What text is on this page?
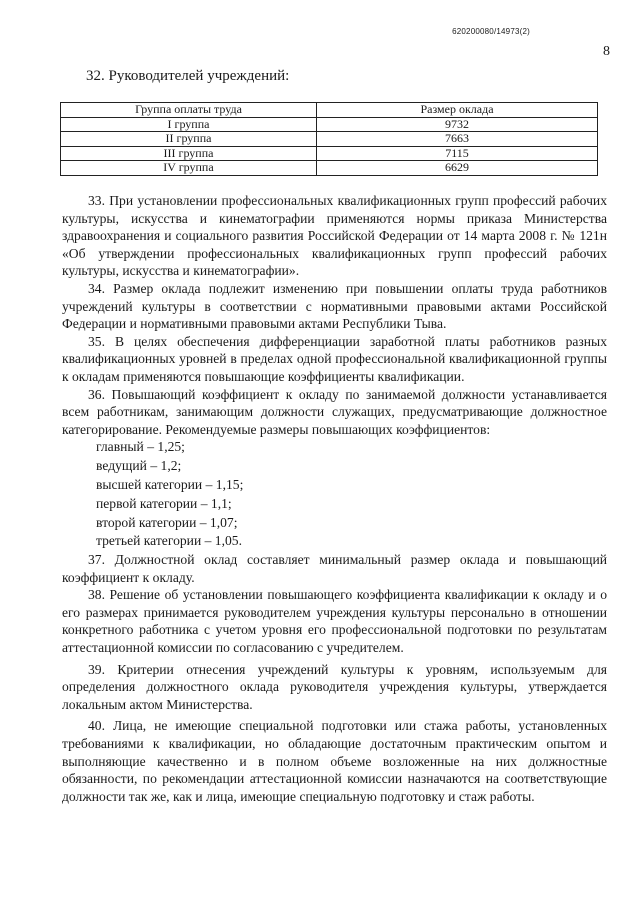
620200080/14973(2)
8
32. Руководителей учреждений:
Группа оплаты труда	Размер оклада
I группа	9732
II группа	7663
III группа	7115
IV группа	6629

33. При установлении профессиональных квалификационных групп профессий рабочих культуры, искусства и кинематографии применяются нормы приказа Министерства здравоохранения и социального развития Российской Федерации от 14 марта 2008 г. № 121н «Об утверждении профессиональных квалификационных групп профессий рабочих культуры, искусства и кинематографии».

34. Размер оклада подлежит изменению при повышении оплаты труда работников учреждений культуры в соответствии с нормативными правовыми актами Российской Федерации и нормативными правовыми актами Республики Тыва.

35. В целях обеспечения дифференциации заработной платы работников разных квалификационных уровней в пределах одной профессиональной квалификационной группы к окладам применяются повышающие коэффициенты квалификации.

36. Повышающий коэффициент к окладу по занимаемой должности устанавливается всем работникам, занимающим должности служащих, предусматривающие должностное категорирование. Рекомендуемые размеры повышающих коэффициентов:

главный – 1,25;
ведущий – 1,2;
высшей категории – 1,15;
первой категории – 1,1;
второй категории – 1,07;
третьей категории – 1,05.

37. Должностной оклад составляет минимальный размер оклада и повышающий коэффициент к окладу.

38. Решение об установлении повышающего коэффициента квалификации к окладу и о его размерах принимается руководителем учреждения культуры персонально в отношении конкретного работника с учетом уровня его профессиональной подготовки по результатам аттестационной комиссии по согласованию с учредителем.

39. Критерии отнесения учреждений культуры к уровням, используемым для определения должностного оклада руководителя учреждения культуры, утверждается локальным актом Министерства.

40. Лица, не имеющие специальной подготовки или стажа работы, установленных требованиями к квалификации, но обладающие достаточным практическим опытом и выполняющие качественно и в полном объеме возложенные на них должностные обязанности, по рекомендации аттестационной комиссии назначаются на соответствующие должности так же, как и лица, имеющие специальную подготовку и стаж работы.
